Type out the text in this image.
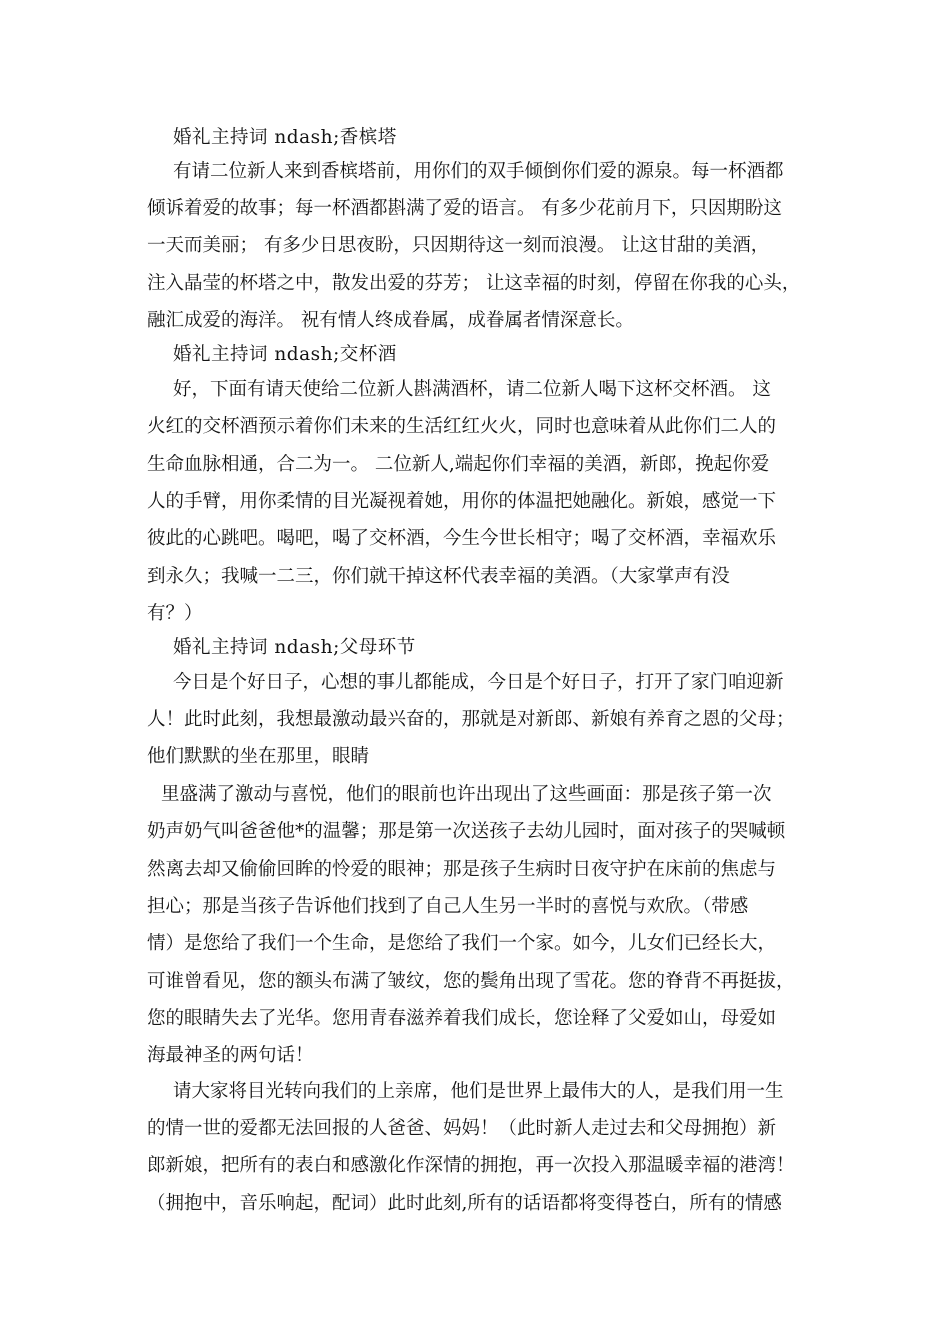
婚礼主持词 ndash;香槟塔
有请二位新人来到香槟塔前，用你们的双手倾倒你们爱的源泉。每一杯酒都
倾诉着爱的故事；每一杯酒都斟满了爱的语言。 有多少花前月下，只因期盼这
一天而美丽； 有多少日思夜盼，只因期待这一刻而浪漫。 让这甘甜的美酒，
注入晶莹的杯塔之中，散发出爱的芬芳； 让这幸福的时刻，停留在你我的心头，
融汇成爱的海洋。 祝有情人终成眷属，成眷属者情深意长。
婚礼主持词 ndash;交杯酒
好，下面有请天使给二位新人斟满酒杯，请二位新人喝下这杯交杯酒。 这
火红的交杯酒预示着你们未来的生活红红火火，同时也意味着从此你们二人的
生命血脉相通，合二为一。 二位新人,端起你们幸福的美酒，新郎，挽起你爱
人的手臂，用你柔情的目光凝视着她，用你的体温把她融化。新娘，感觉一下
彼此的心跳吧。喝吧，喝了交杯酒，今生今世长相守；喝了交杯酒，幸福欢乐
到永久；我喊一二三，你们就干掉这杯代表幸福的美酒。（大家掌声有没
有？）
婚礼主持词 ndash;父母环节
今日是个好日子，心想的事儿都能成，今日是个好日子，打开了家门咱迎新
人！此时此刻，我想最激动最兴奋的，那就是对新郎、新娘有养育之恩的父母；
他们默默的坐在那里，眼睛
里盛满了激动与喜悦，他们的眼前也许出现出了这些画面：那是孩子第一次
奶声奶气叫爸爸他*的温馨；那是第一次送孩子去幼儿园时，面对孩子的哭喊顿
然离去却又偷偷回眸的怜爱的眼神；那是孩子生病时日夜守护在床前的焦虑与
担心；那是当孩子告诉他们找到了自己人生另一半时的喜悦与欢欣。（带感
情）是您给了我们一个生命，是您给了我们一个家。如今，儿女们已经长大，
可谁曾看见，您的额头布满了皱纹，您的鬓角出现了雪花。您的脊背不再挺拔，
您的眼睛失去了光华。您用青春滋养着我们成长，您诠释了父爱如山，母爱如
海最神圣的两句话！
请大家将目光转向我们的上亲席，他们是世界上最伟大的人，是我们用一生
的情一世的爱都无法回报的人爸爸、妈妈！（此时新人走过去和父母拥抱）新
郎新娘，把所有的表白和感激化作深情的拥抱，再一次投入那温暖幸福的港湾！
（拥抱中，音乐响起，配词）此时此刻,所有的话语都将变得苍白，所有的情感
